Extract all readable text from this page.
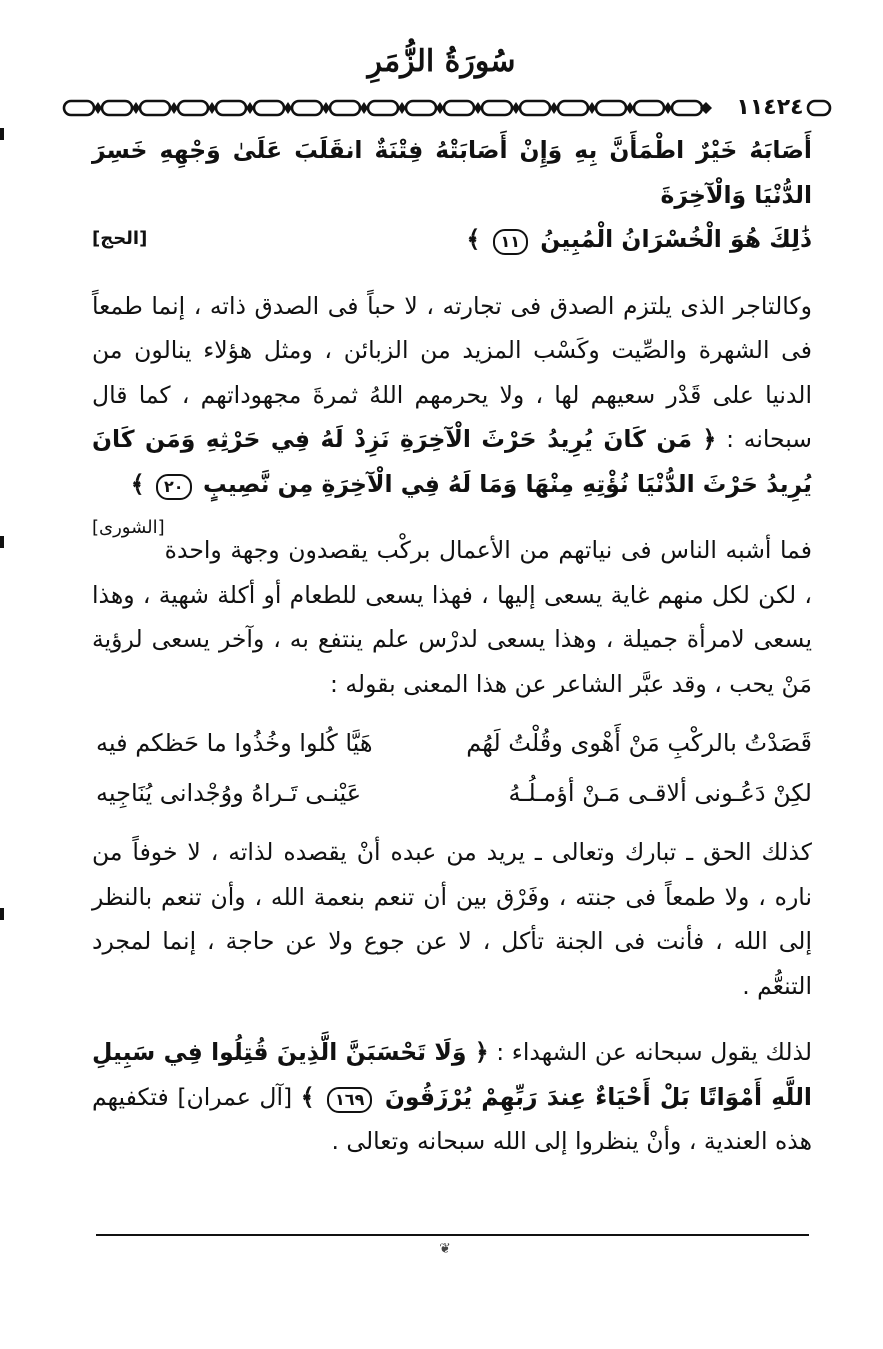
سُورَةُ الزُّمَرِ
١١٤٢٤

أَصَابَهُ خَيْرٌ اطْمَأَنَّ بِهِ وَإِنْ أَصَابَتْهُ فِتْنَةٌ انقَلَبَ عَلَىٰ وَجْهِهِ خَسِرَ الدُّنْيَا وَالْآخِرَةَ

ذَٰلِكَ هُوَ الْخُسْرَانُ الْمُبِينُ ١١ ﴾
[الحج]

وكالتاجر الذى يلتزم الصدق فى تجارته ، لا حباً فى الصدق ذاته ، إنما طمعاً فى الشهرة والصِّيت وكَسْب المزيد من الزبائن ، ومثل هؤلاء ينالون من الدنيا على قَدْر سعيهم لها ، ولا يحرمهم اللهُ ثمرةَ مجهوداتهم ، كما قال سبحانه : ﴿ مَن كَانَ يُرِيدُ حَرْثَ الْآخِرَةِ نَزِدْ لَهُ فِي حَرْثِهِ وَمَن كَانَ يُرِيدُ حَرْثَ الدُّنْيَا نُؤْتِهِ مِنْهَا وَمَا لَهُ فِي الْآخِرَةِ مِن نَّصِيبٍ ٢٠ ﴾
[الشورى]

فما أشبه الناس فى نياتهم من الأعمال بركْب يقصدون وجهة واحدة ، لكن لكل منهم غاية يسعى إليها ، فهذا يسعى للطعام أو أكلة شهية ، وهذا يسعى لامرأة جميلة ، وهذا يسعى لدرْس علم ينتفع به ، وآخر يسعى لرؤية مَنْ يحب ، وقد عبَّر الشاعر عن هذا المعنى بقوله :

قَصَدْتُ بالركْبِ مَنْ أَهْوى وقُلْتُ لَهُم
هَيَّا كُلوا وخُذُوا ما حَظكم فيه
لكِنْ دَعُـونى ألاقـى مَـنْ أؤمـلُـهُ
عَيْنـى تَـراهُ ووُجْدانى يُنَاجِيه

كذلك الحق ـ تبارك وتعالى ـ يريد من عبده أنْ يقصده لذاته ، لا خوفاً من ناره ، ولا طمعاً فى جنته ، وفَرْق بين أن تنعم بنعمة الله ، وأن تنعم بالنظر إلى الله ، فأنت فى الجنة تأكل ، لا عن جوع ولا عن حاجة ، إنما لمجرد التنعُّم .

لذلك يقول سبحانه عن الشهداء : ﴿ وَلَا تَحْسَبَنَّ الَّذِينَ قُتِلُوا فِي سَبِيلِ اللَّهِ أَمْوَاتًا بَلْ أَحْيَاءٌ عِندَ رَبِّهِمْ يُرْزَقُونَ ١٦٩ ﴾ [آل عمران] فتكفيهم هذه العندية ، وأنْ ينظروا إلى الله سبحانه وتعالى .

❦
